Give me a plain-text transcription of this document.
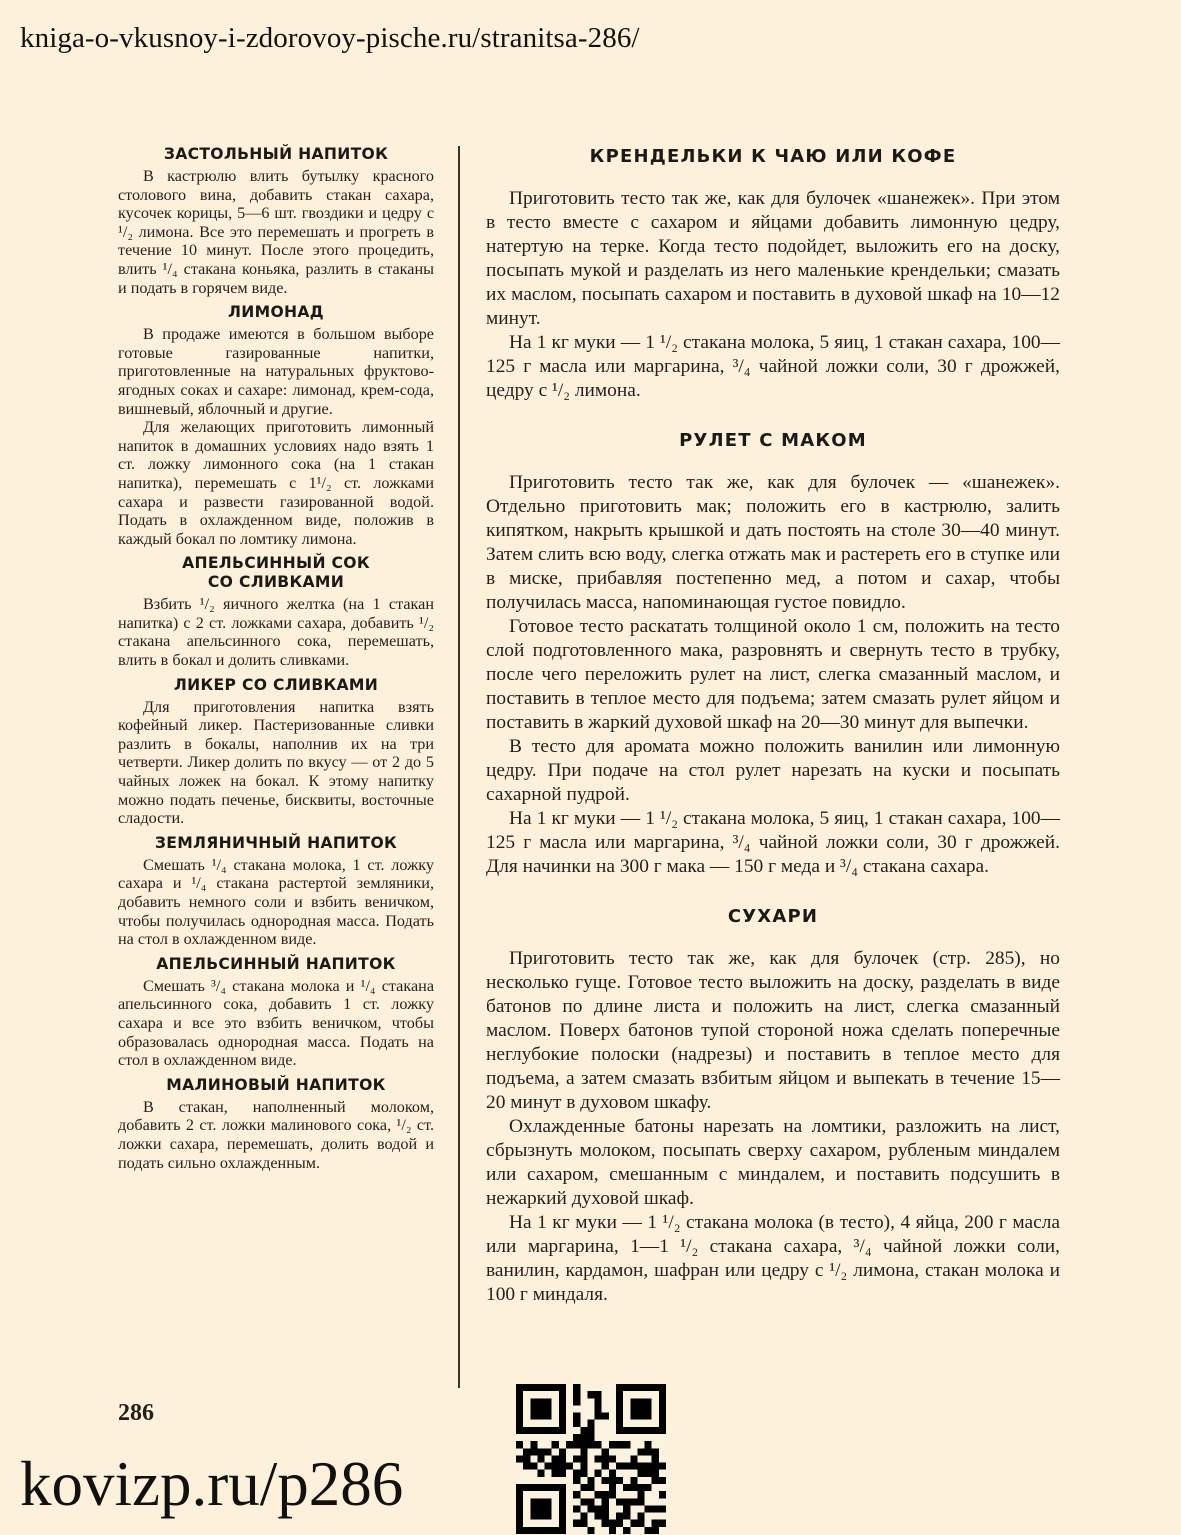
kniga-o-vkusnoy-i-zdorovoy-pische.ru/stranitsa-286/
ЗАСТОЛЬНЫЙ НАПИТОК

В кастрюлю влить бутылку красного столового вина, добавить стакан сахара, кусочек корицы, 5—6 шт. гвоздики и цедру с ¹/₂ лимона. Все это перемешать и прогреть в течение 10 минут. После этого процедить, влить ¹/₄ стакана коньяка, разлить в стаканы и подать в горячем виде.

ЛИМОНАД

В продаже имеются в большом выборе готовые газированные напитки, приготовленные на натуральных фруктово-ягодных соках и сахаре: лимонад, крем-сода, вишневый, яблочный и другие.

Для желающих приготовить лимонный напиток в домашних условиях надо взять 1 ст. ложку лимонного сока (на 1 стакан напитка), перемешать с 1¹/₂ ст. ложками сахара и развести газированной водой. Подать в охлажденном виде, положив в каждый бокал по ломтику лимона.

АПЕЛЬСИННЫЙ СОК СО СЛИВКАМИ

Взбить ¹/₂ яичного желтка (на 1 стакан напитка) с 2 ст. ложками сахара, добавить ¹/₂ стакана апельсинного сока, перемешать, влить в бокал и долить сливками.

ЛИКЕР СО СЛИВКАМИ

Для приготовления напитка взять кофейный ликер. Пастеризованные сливки разлить в бокалы, наполнив их на три четверти. Ликер долить по вкусу — от 2 до 5 чайных ложек на бокал. К этому напитку можно подать печенье, бисквиты, восточные сладости.

ЗЕМЛЯНИЧНЫЙ НАПИТОК

Смешать ¹/₄ стакана молока, 1 ст. ложку сахара и ¹/₄ стакана растертой земляники, добавить немного соли и взбить веничком, чтобы получилась однородная масса. Подать на стол в охлажденном виде.

АПЕЛЬСИННЫЙ НАПИТОК

Смешать ³/₄ стакана молока и ¹/₄ стакана апельсинного сока, добавить 1 ст. ложку сахара и все это взбить веничком, чтобы образовалась однородная масса. Подать на стол в охлажденном виде.

МАЛИНОВЫЙ НАПИТОК

В стакан, наполненный молоком, добавить 2 ст. ложки малинового сока, ¹/₂ ст. ложки сахара, перемешать, долить водой и подать сильно охлажденным.

КРЕНДЕЛЬКИ К ЧАЮ ИЛИ КОФЕ

Приготовить тесто так же, как для булочек «шанежек». При этом в тесто вместе с сахаром и яйцами добавить лимонную цедру, натертую на терке. Когда тесто подойдет, выложить его на доску, посыпать мукой и разделать из него маленькие крендельки; смазать их маслом, посыпать сахаром и поставить в духовой шкаф на 10—12 минут.

На 1 кг муки — 1 ¹/₂ стакана молока, 5 яиц, 1 стакан сахара, 100—125 г масла или маргарина, ³/₄ чайной ложки соли, 30 г дрожжей, цедру с ¹/₂ лимона.

РУЛЕТ С МАКОМ

Приготовить тесто так же, как для булочек — «шанежек». Отдельно приготовить мак; положить его в кастрюлю, залить кипятком, накрыть крышкой и дать постоять на столе 30—40 минут. Затем слить всю воду, слегка отжать мак и растереть его в ступке или в миске, прибавляя постепенно мед, а потом и сахар, чтобы получилась масса, напоминающая густое повидло.

Готовое тесто раскатать толщиной около 1 см, положить на тесто слой подготовленного мака, разровнять и свернуть тесто в трубку, после чего переложить рулет на лист, слегка смазанный маслом, и поставить в теплое место для подъема; затем смазать рулет яйцом и поставить в жаркий духовой шкаф на 20—30 минут для выпечки.

В тесто для аромата можно положить ванилин или лимонную цедру. При подаче на стол рулет нарезать на куски и посыпать сахарной пудрой.

На 1 кг муки — 1 ¹/₂ стакана молока, 5 яиц, 1 стакан сахара, 100—125 г масла или маргарина, ³/₄ чайной ложки соли, 30 г дрожжей. Для начинки на 300 г мака — 150 г меда и ³/₄ стакана сахара.

СУХАРИ

Приготовить тесто так же, как для булочек (стр. 285), но несколько гуще. Готовое тесто выложить на доску, разделать в виде батонов по длине листа и положить на лист, слегка смазанный маслом. Поверх батонов тупой стороной ножа сделать поперечные неглубокие полоски (надрезы) и поставить в теплое место для подъема, а затем смазать взбитым яйцом и выпекать в течение 15—20 минут в духовом шкафу.

Охлажденные батоны нарезать на ломтики, разложить на лист, сбрызнуть молоком, посыпать сверху сахаром, рубленым миндалем или сахаром, смешанным с миндалем, и поставить подсушить в нежаркий духовой шкаф.

На 1 кг муки — 1 ¹/₂ стакана молока (в тесто), 4 яйца, 200 г масла или маргарина, 1—1 ¹/₂ стакана сахара, ³/₄ чайной ложки соли, ванилин, кардамон, шафран или цедру с ¹/₂ лимона, стакан молока и 100 г миндаля.

286
kovizp.ru/p286
